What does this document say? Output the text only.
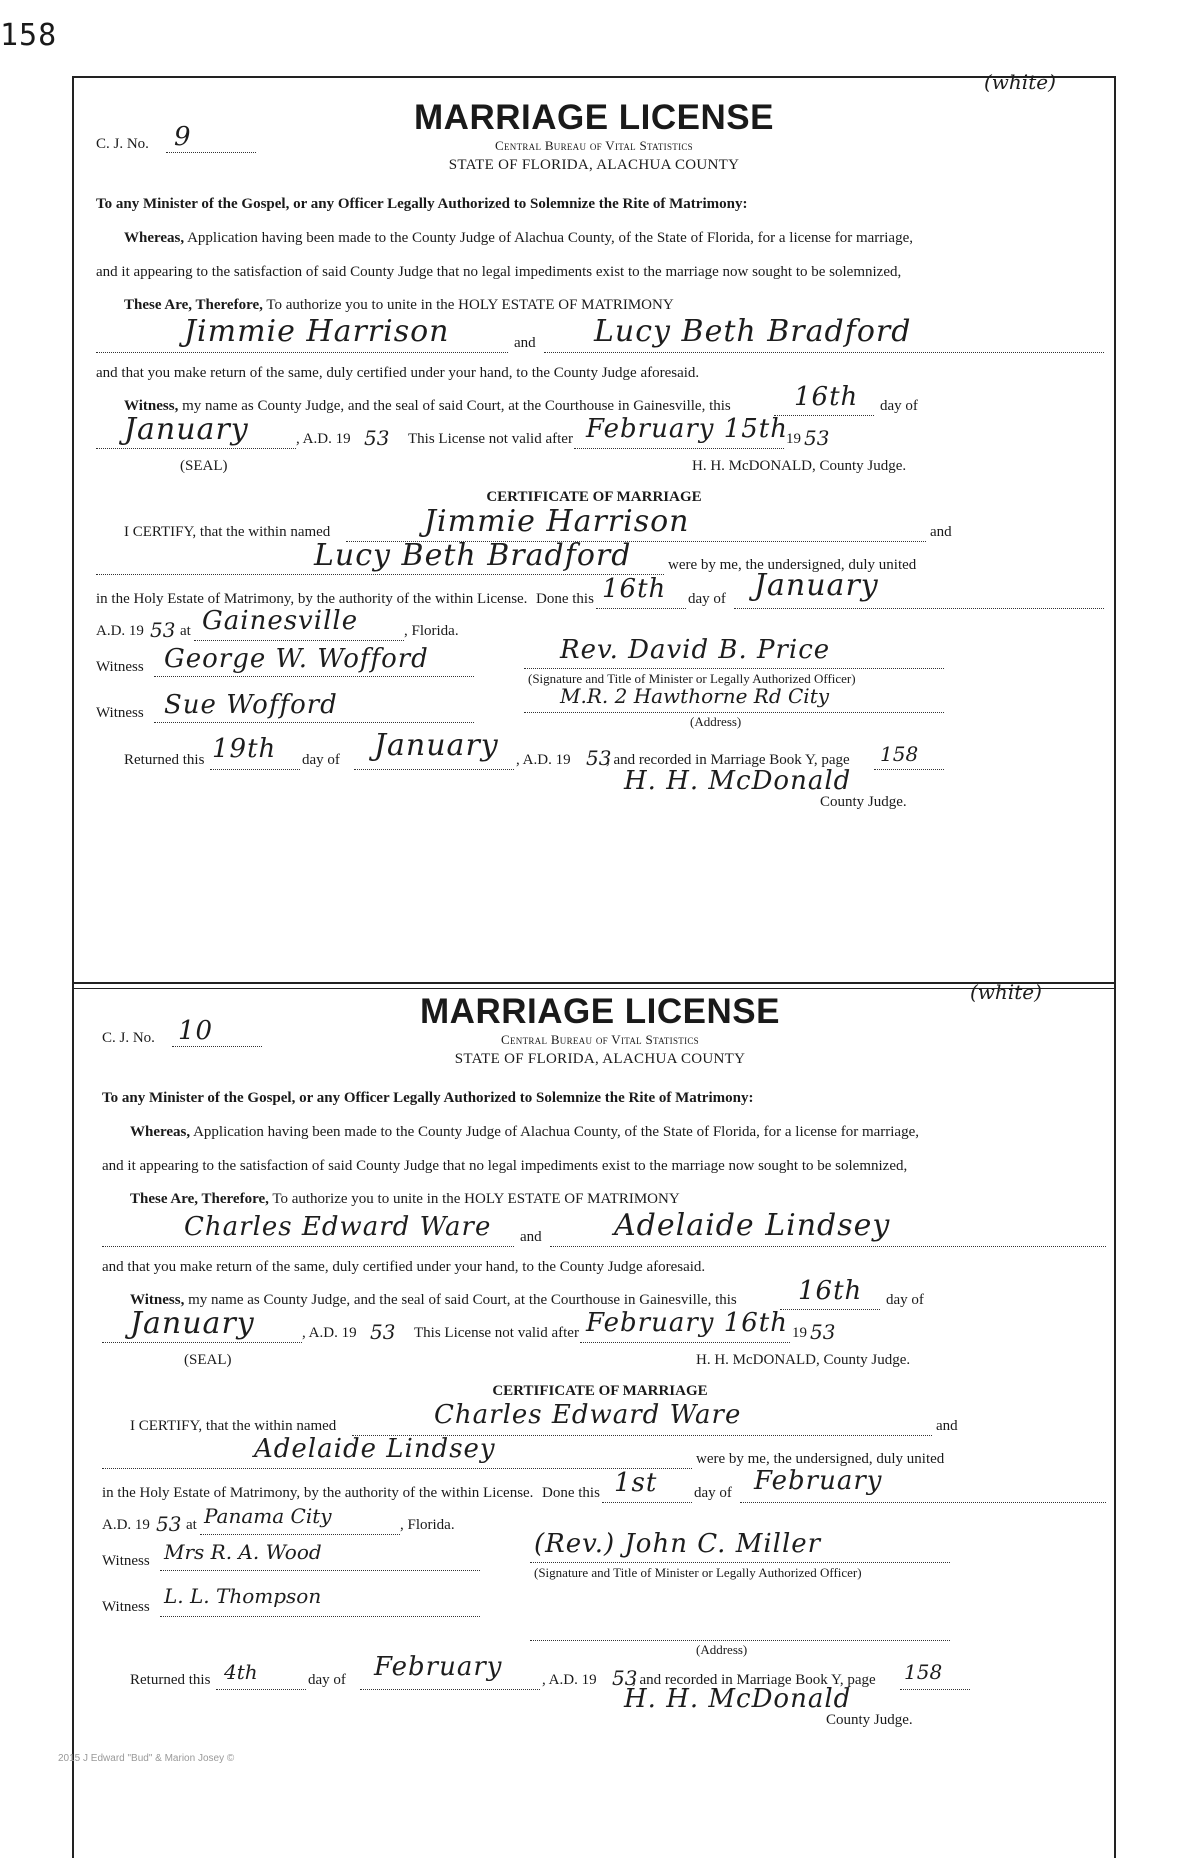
158
(white)
C. J. No. 9	MARRIAGE LICENSE
Central Bureau of Vital Statistics
STATE OF FLORIDA, ALACHUA COUNTY
To any Minister of the Gospel, or any Officer Legally Authorized to Solemnize the Rite of Matrimony:
Whereas, Application having been made to the County Judge of Alachua County, of the State of Florida, for a license for marriage,
and it appearing to the satisfaction of said County Judge that no legal impediments exist to the marriage now sought to be solemnized,
These Are, Therefore, To authorize you to unite in the HOLY ESTATE OF MATRIMONY
Jimmie Harrison	and Lucy Beth Bradford
and that you make return of the same, duly certified under your hand, to the County Judge aforesaid.
Witness, my name as County Judge, and the seal of said Court, at the Courthouse in Gainesville, this 16th day of
January	, A.D. 19 53 This License not valid after February 15th
19 53
(SEAL)	H. H. McDONALD, County Judge.
CERTIFICATE OF MARRIAGE
I CERTIFY, that the within named	Jimmie Harrison	and
Lucy Beth Bradford were by me, the undersigned, duly united
in the Holy Estate of Matrimony, by the authority of the within License. Done this 16th day of January
A.D. 19 53 at Gainesville	, Florida.
Witness George W. Wofford	Rev. David B. Price
(Signature and Title of Minister or Legally Authorized Officer)
Witness Sue Wofford	M.R. 2 Hawthorne Rd City
(Address)
Returned this 19th day of January , A.D. 19 53
, and recorded in Marriage Book Y, page 158
H. H. McDonald
County Judge.
(white)
C. J. No. 10	MARRIAGE LICENSE
Central Bureau of Vital Statistics
STATE OF FLORIDA, ALACHUA COUNTY
To any Minister of the Gospel, or any Officer Legally Authorized to Solemnize the Rite of Matrimony:
Whereas, Application having been made to the County Judge of Alachua County, of the State of Florida, for a license for marriage,
and it appearing to the satisfaction of said County Judge that no legal impediments exist to the marriage now sought to be solemnized,
These Are, Therefore, To authorize you to unite in the HOLY ESTATE OF MATRIMONY
Charles Edward Ware and Adelaide Lindsey
and that you make return of the same, duly certified under your hand, to the County Judge aforesaid.
Witness, my name as County Judge, and the seal of said Court, at the Courthouse in Gainesville, this 16th day of
January	, A.D. 19 53 This License not valid after February 16th 19 53
(SEAL)	H. H. McDONALD, County Judge.
CERTIFICATE OF MARRIAGE
I CERTIFY, that the within named	Charles Edward Ware	and
Adelaide Lindsey	were by me, the undersigned, duly united
in the Holy Estate of Matrimony, by the authority of the within License. Done this 1st day of February
A.D. 19 53 at Panama City	, Florida.
Witness Mrs R. A. Wood	(Rev.) John C. Miller
(Signature and Title of Minister or Legally Authorized Officer)
Witness L. L. Thompson
(Address)
Returned this 4th	day of February	, A.D. 19 53
, and recorded in Marriage Book Y, page 158
H. H. McDonald
County Judge.
2015 J Edward "Bud" & Marion Josey ©
